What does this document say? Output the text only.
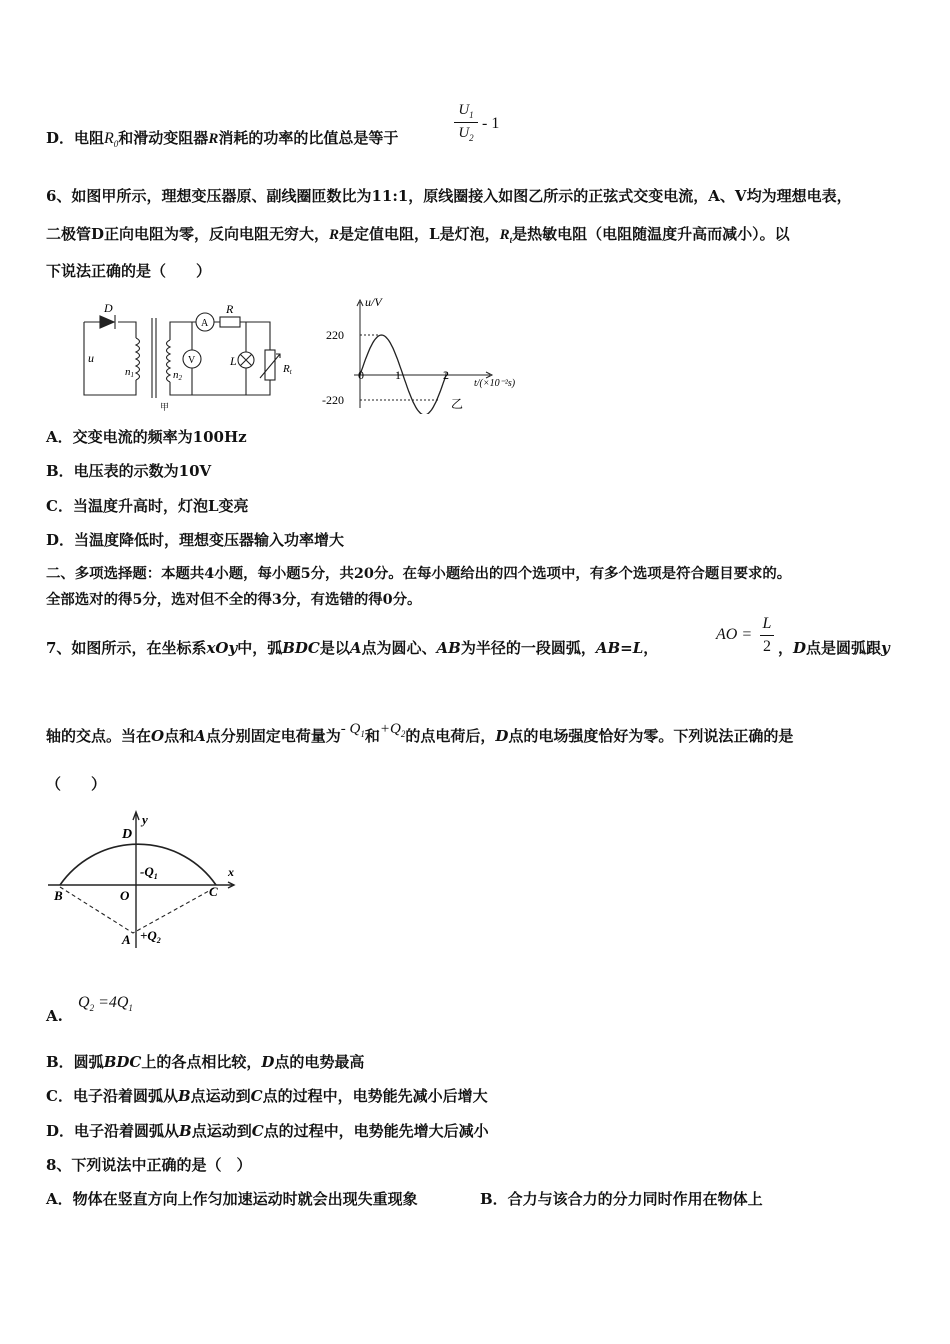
D．电阻$R_0$和滑动变阻器R消耗的功率的比值总是等于
$U_1$
$U_2$
- 1
6、如图甲所示，理想变压器原、副线圈匝数比为11:1，原线圈接入如图乙所示的正弦式交变电流，A、V均为理想电表，
二极管D正向电阻为零，反向电阻无穷大，R是定值电阻，L是灯泡，$R_t$是热敏电阻（电阻随温度升高而减小）。以
下说法正确的是（　　）
D
u
n1	n2
A
V
R
L
Rt
甲
u/V
220
-220
0	1	2
t/(×10⁻²s)
乙
A．交变电流的频率为100Hz
B．电压表的示数为10V
C．当温度升高时，灯泡L变亮
D．当温度降低时，理想变压器输入功率增大
二、多项选择题：本题共4小题，每小题5分，共20分。在每小题给出的四个选项中，有多个选项是符合题目要求的。
全部选对的得5分，选对但不全的得3分，有选错的得0分。
7、如图所示，在坐标系xOy中，弧BDC是以A点为圆心、AB为半径的一段圆弧，AB=L，
AO =
L
2 ，D点是圆弧跟y
轴的交点。当在O点和A点分别固定电荷量为- $Q_1$和$+Q_2$的点电荷后，D点的电场强度恰好为零。下列说法正确的是
（　　）
y
x
D
$-Q_1$
B	O	C
$A +Q_2$
A.
$Q_2 =4Q_1$
B．圆弧BDC上的各点相比较，D点的电势最高
C．电子沿着圆弧从B点运动到C点的过程中，电势能先减小后增大
D．电子沿着圆弧从B点运动到C点的过程中，电势能先增大后减小
8、下列说法中正确的是（　）
A．物体在竖直方向上作匀加速运动时就会出现失重现象	B．合力与该合力的分力同时作用在物体上
